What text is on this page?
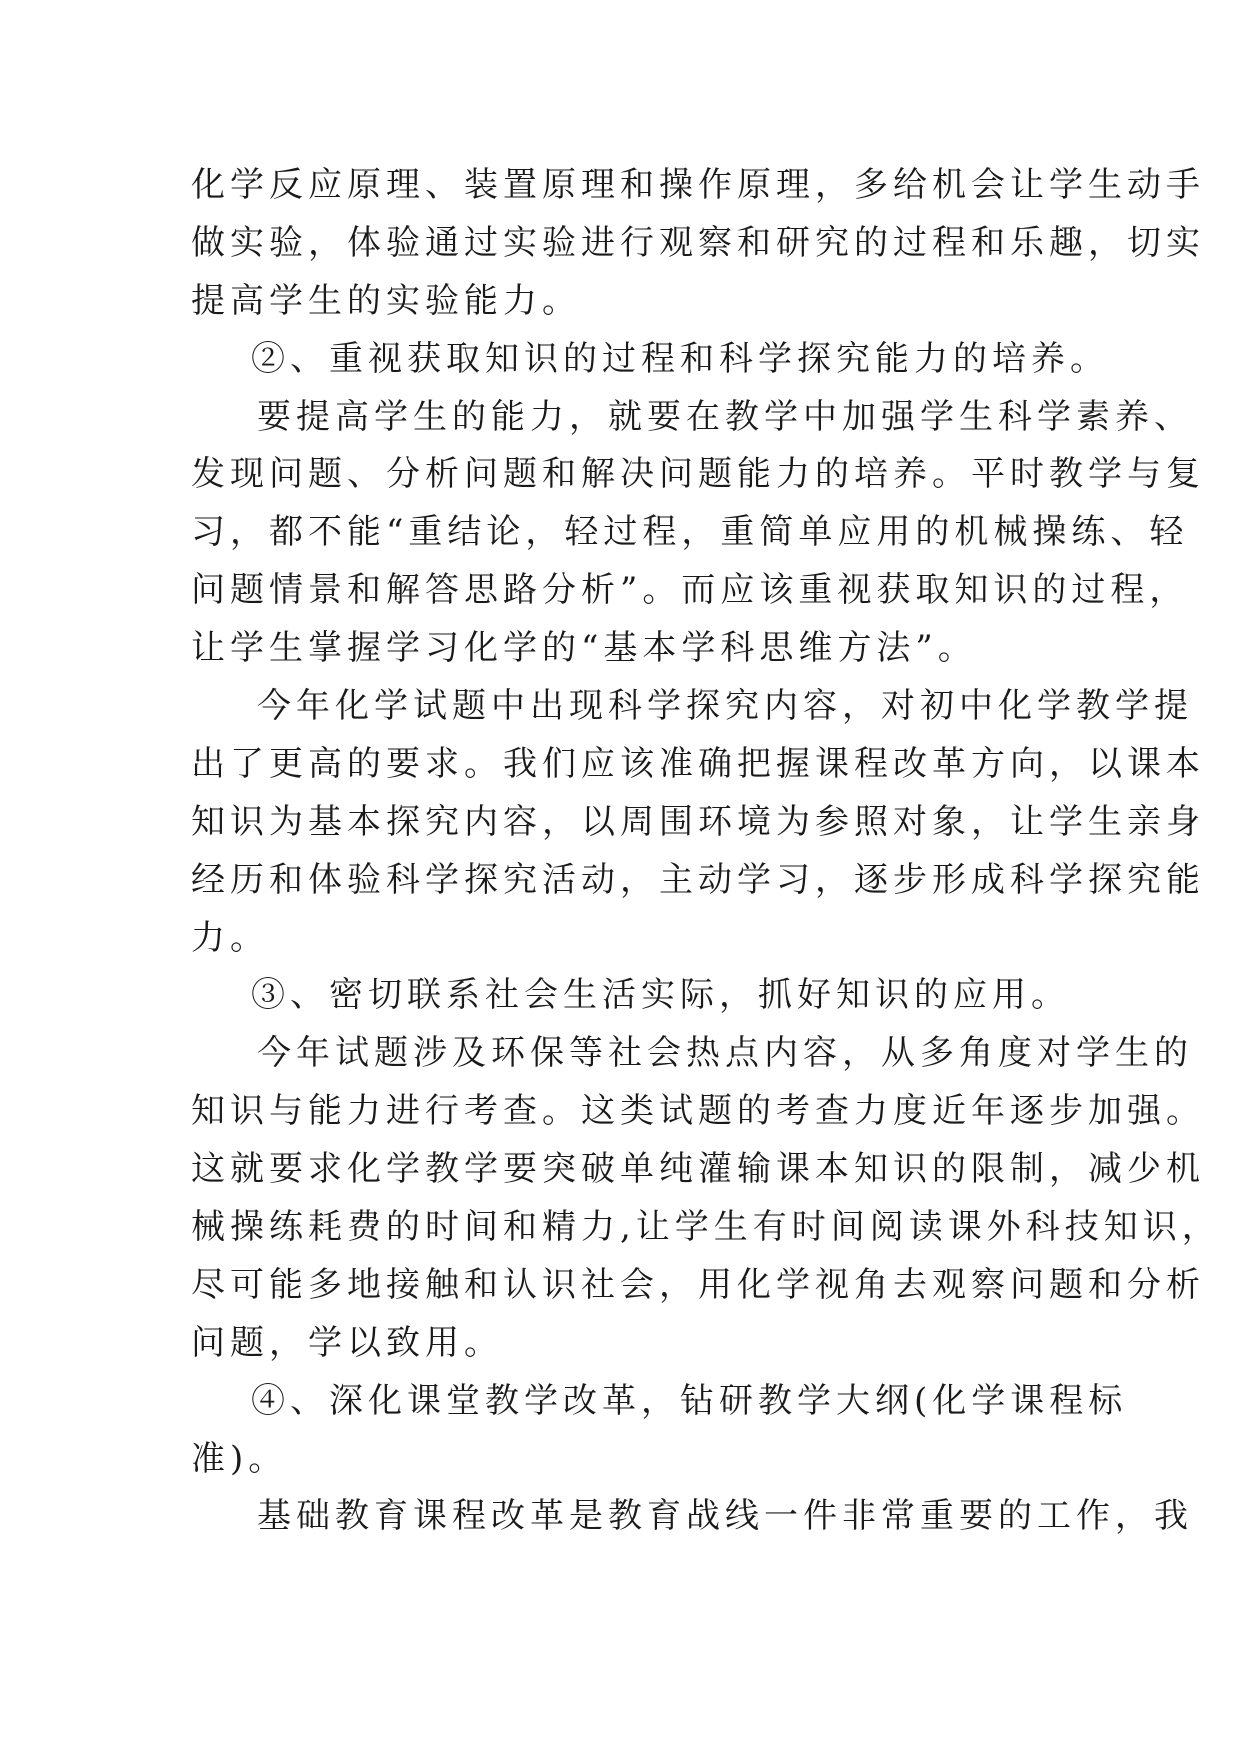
化学反应原理、装置原理和操作原理，多给机会让学生动手
做实验，体验通过实验进行观察和研究的过程和乐趣，切实
提高学生的实验能力。
②、重视获取知识的过程和科学探究能力的培养。
要提高学生的能力，就要在教学中加强学生科学素养、
发现问题、分析问题和解决问题能力的培养。平时教学与复
习，都不能“重结论，轻过程，重简单应用的机械操练、轻
问题情景和解答思路分析”。而应该重视获取知识的过程，
让学生掌握学习化学的“基本学科思维方法”。
今年化学试题中出现科学探究内容，对初中化学教学提
出了更高的要求。我们应该准确把握课程改革方向，以课本
知识为基本探究内容，以周围环境为参照对象，让学生亲身
经历和体验科学探究活动，主动学习，逐步形成科学探究能
力。
③、密切联系社会生活实际，抓好知识的应用。
今年试题涉及环保等社会热点内容，从多角度对学生的
知识与能力进行考查。这类试题的考查力度近年逐步加强。
这就要求化学教学要突破单纯灌输课本知识的限制，减少机
械操练耗费的时间和精力,让学生有时间阅读课外科技知识，
尽可能多地接触和认识社会，用化学视角去观察问题和分析
问题，学以致用。
④、深化课堂教学改革，钻研教学大纲(化学课程标
准)。
基础教育课程改革是教育战线一件非常重要的工作，我
